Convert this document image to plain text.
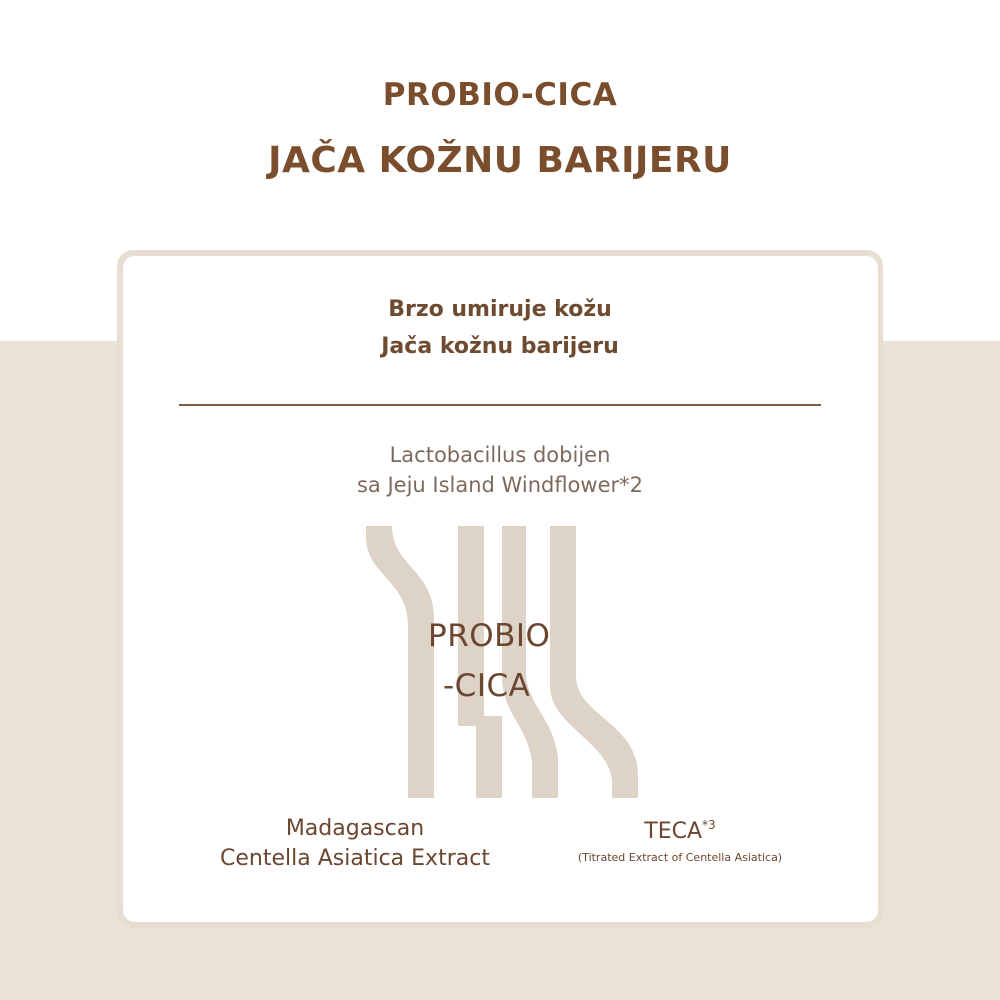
PROBIO-CICA
JAČA KOŽNU BARIJERU

Brzo umiruje kožu

Jača kožnu barijeru

Lactobacillus dobijen

sa Jeju Island Windflower*2

PROBIO

-CICA

Madagascan

Centella Asiatica Extract

TECA$^{*3}$

(Titrated Extract of Centella Asiatica)
